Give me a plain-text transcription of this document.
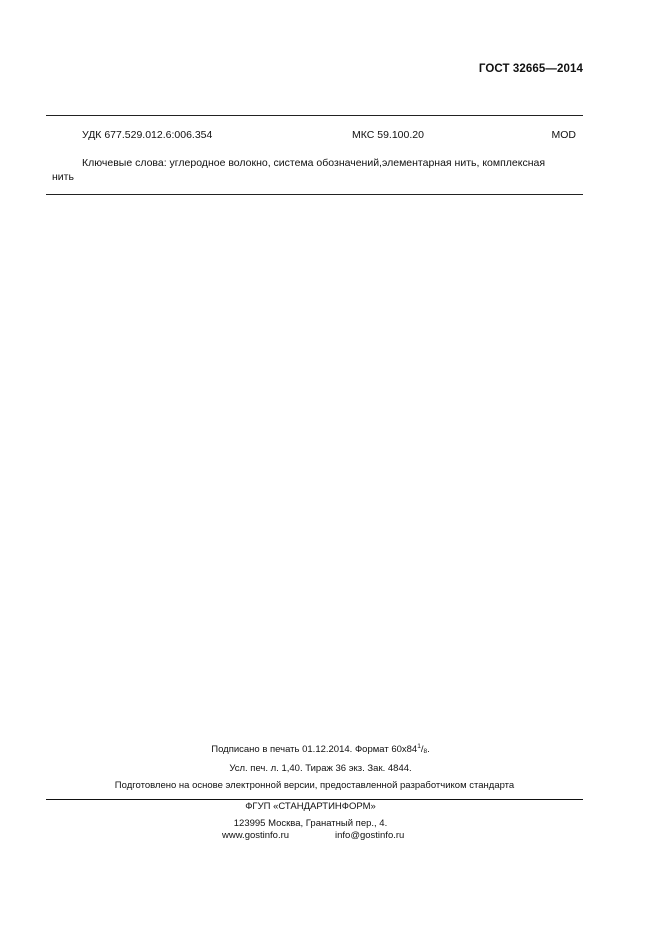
ГОСТ 32665—2014
УДК 677.529.012.6:006.354	МКС 59.100.20	MOD
Ключевые слова: углеродное волокно, система обозначений,элементарная нить, комплексная
нить
Подписано в печать 01.12.2014. Формат $60х84^1/_8$.
Усл. печ. л. 1,40. Тираж 36 экз. Зак. 4844.
Подготовлено на основе электронной версии, предоставленной разработчиком стандарта
ФГУП «СТАНДАРТИНФОРМ»
123995 Москва, Гранатный пер., 4.
www.gostinfo.ru	info@gostinfo.ru
